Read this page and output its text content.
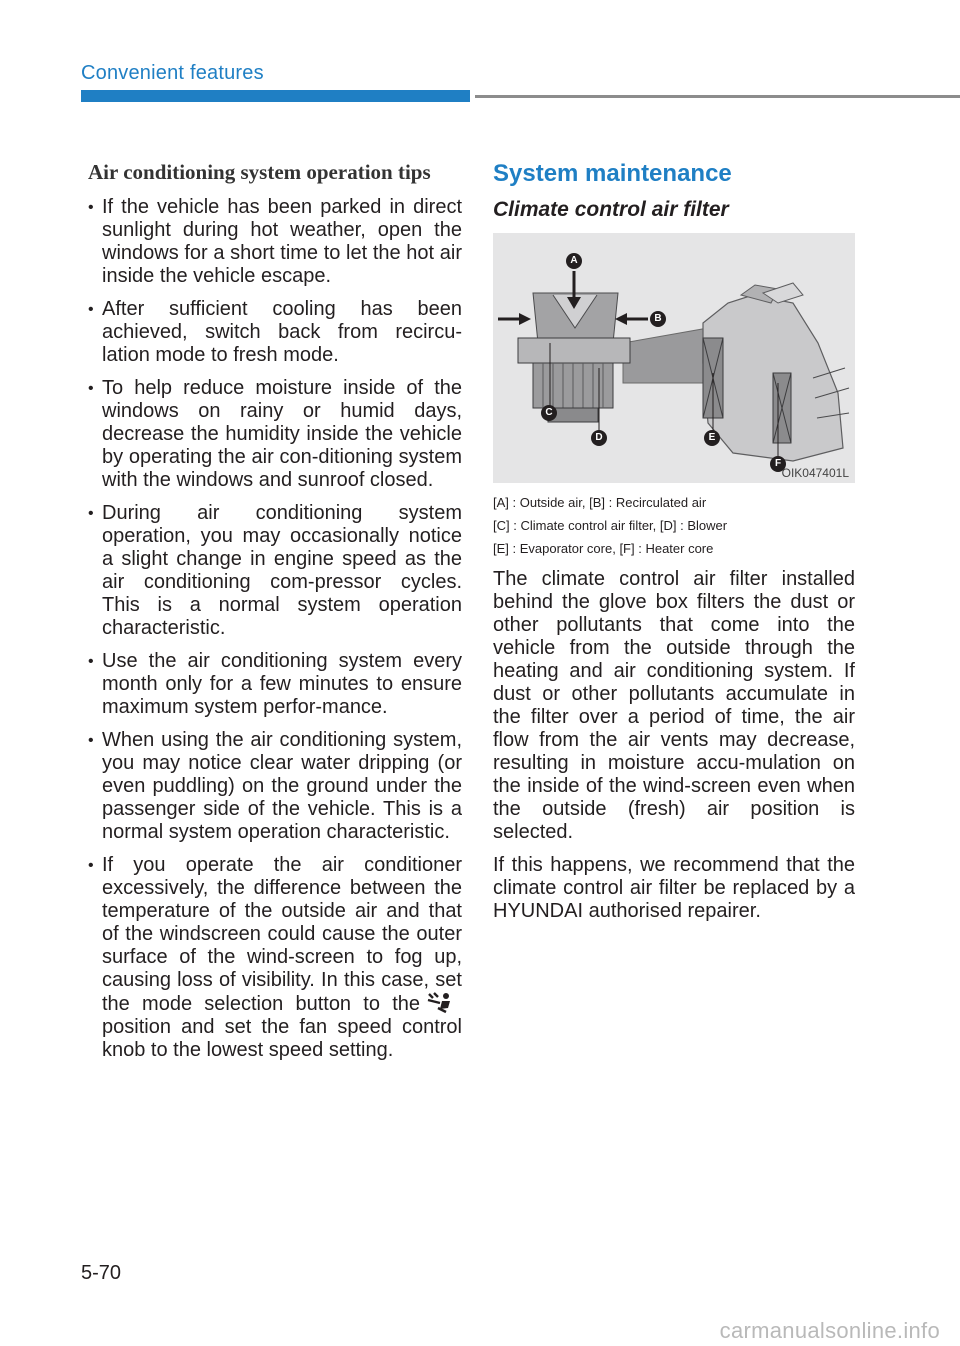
Convenient features
Air conditioning system operation tips
• If the vehicle has been parked in direct sunlight during hot weather, open the windows for a short time to let the hot air inside the vehicle escape.
• After sufficient cooling has been achieved, switch back from recircu-lation mode to fresh mode.
• To help reduce moisture inside of the windows on rainy or humid days, decrease the humidity inside the vehicle by operating the air con-ditioning system with the windows and sunroof closed.
• During air conditioning system operation, you may occasionally notice a slight change in engine speed as the air conditioning com-pressor cycles. This is a normal system operation characteristic.
• Use the air conditioning system every month only for a few minutes to ensure maximum system perfor-mance.
• When using the air conditioning system, you may notice clear water dripping (or even puddling) on the ground under the passenger side of the vehicle. This is a normal system operation characteristic.
• If you operate the air conditioner excessively, the difference between the temperature of the outside air and that of the windscreen could cause the outer surface of the wind-screen to fog up, causing loss of visibility. In this case, set the mode selection button to theposition and set the fan speed control knob to the lowest speed setting.
System maintenance
Climate control air filter
A
B
C
D	E
F
OIK047401L
[A] : Outside air, [B] : Recirculated air
[C] : Climate control air filter, [D] : Blower
[E] : Evaporator core, [F] : Heater core

The climate control air filter installed behind the glove box filters the dust or other pollutants that come into the vehicle from the outside through the heating and air conditioning system. If dust or other pollutants accumulate in the filter over a period of time, the air flow from the air vents may decrease, resulting in moisture accu-mulation on the inside of the wind-screen even when the outside (fresh) air position is selected.

If this happens, we recommend that the climate control air filter be replaced by a HYUNDAI authorised repairer.

5-70
carmanualsonline.info
